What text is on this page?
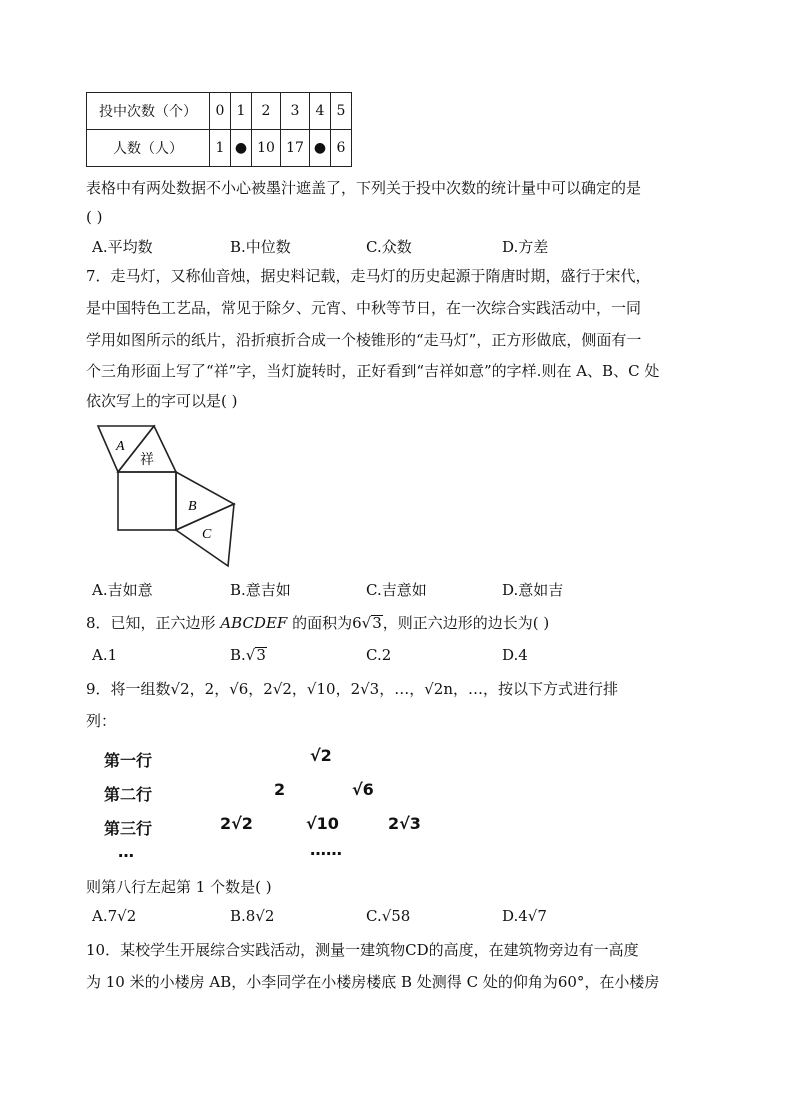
投中次数（个）	0	1	2	3	4	5
人数（人）	1	●	10	17	●	6
表格中有两处数据不小心被墨汁遮盖了，下列关于投中次数的统计量中可以确定的是
( )
A.平均数	B.中位数	C.众数	D.方差
7．走马灯，又称仙音烛，据史料记载，走马灯的历史起源于隋唐时期，盛行于宋代，
是中国特色工艺品，常见于除夕、元宵、中秋等节日，在一次综合实践活动中，一同
学用如图所示的纸片，沿折痕折合成一个棱锥形的“走马灯”，正方形做底，侧面有一
个三角形面上写了“祥”字，当灯旋转时，正好看到“吉祥如意”的字样.则在 A、B、C 处
依次写上的字可以是( )
A
祥
B
C
A.吉如意	B.意吉如	C.吉意如	D.意如吉
8．已知，正六边形 ABCDEF 的面积为6√3，则正六边形的边长为( )
A.1	B.√3	C.2	D.4
9．将一组数√2，2，√6，2√2，√10，2√3，…，√2n，…，按以下方式进行排
列：
第一行	√2
第二行	2	√6
第三行	2√2	√10	2√3
…	……
则第八行左起第 1 个数是( )
A.7√2	B.8√2	C.√58	D.4√7
10．某校学生开展综合实践活动，测量一建筑物CD的高度，在建筑物旁边有一高度
为 10 米的小楼房 AB，小李同学在小楼房楼底 B 处测得 C 处的仰角为60°，在小楼房
